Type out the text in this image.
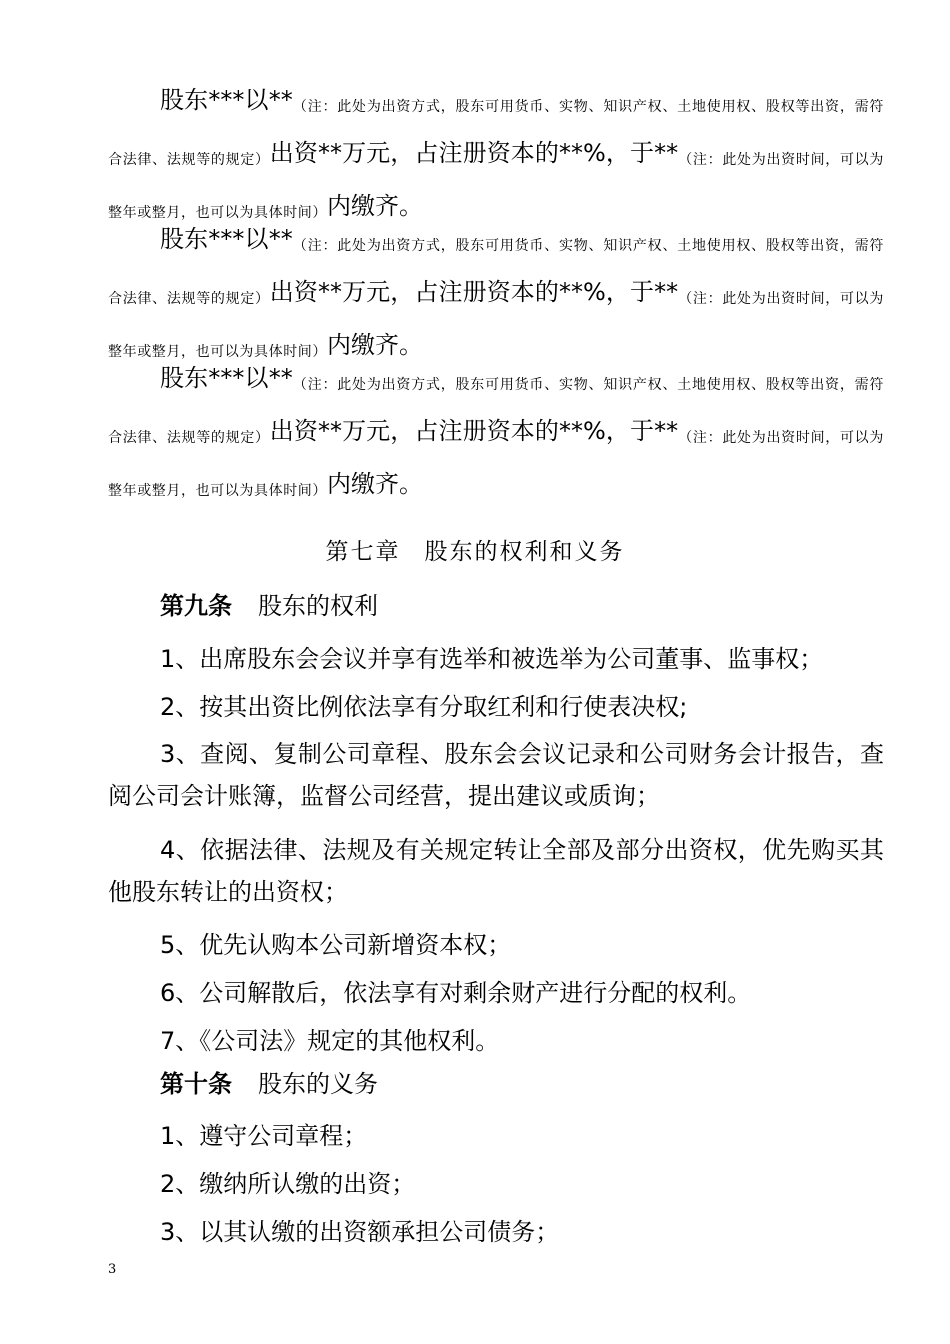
股东***以**（注：此处为出资方式，股东可用货币、实物、知识产权、土地使用权、股权等出资，需符合法律、法规等的规定）出资**万元，占注册资本的**%，于**（注：此处为出资时间，可以为整年或整月，也可以为具体时间）内缴齐。
股东***以**（注：此处为出资方式，股东可用货币、实物、知识产权、土地使用权、股权等出资，需符合法律、法规等的规定）出资**万元，占注册资本的**%，于**（注：此处为出资时间，可以为整年或整月，也可以为具体时间）内缴齐。
股东***以**（注：此处为出资方式，股东可用货币、实物、知识产权、土地使用权、股权等出资，需符合法律、法规等的规定）出资**万元，占注册资本的**%，于**（注：此处为出资时间，可以为整年或整月，也可以为具体时间）内缴齐。
第七章 股东的权利和义务
第九条 股东的权利
1、出席股东会会议并享有选举和被选举为公司董事、监事权；
2、按其出资比例依法享有分取红利和行使表决权;
3、查阅、复制公司章程、股东会会议记录和公司财务会计报告，查阅公司会计账簿，监督公司经营，提出建议或质询；
4、依据法律、法规及有关规定转让全部及部分出资权，优先购买其他股东转让的出资权；
5、优先认购本公司新增资本权；
6、公司解散后，依法享有对剩余财产进行分配的权利。
7、《公司法》规定的其他权利。
第十条 股东的义务
1、遵守公司章程；
2、缴纳所认缴的出资；
3、以其认缴的出资额承担公司债务；
3
